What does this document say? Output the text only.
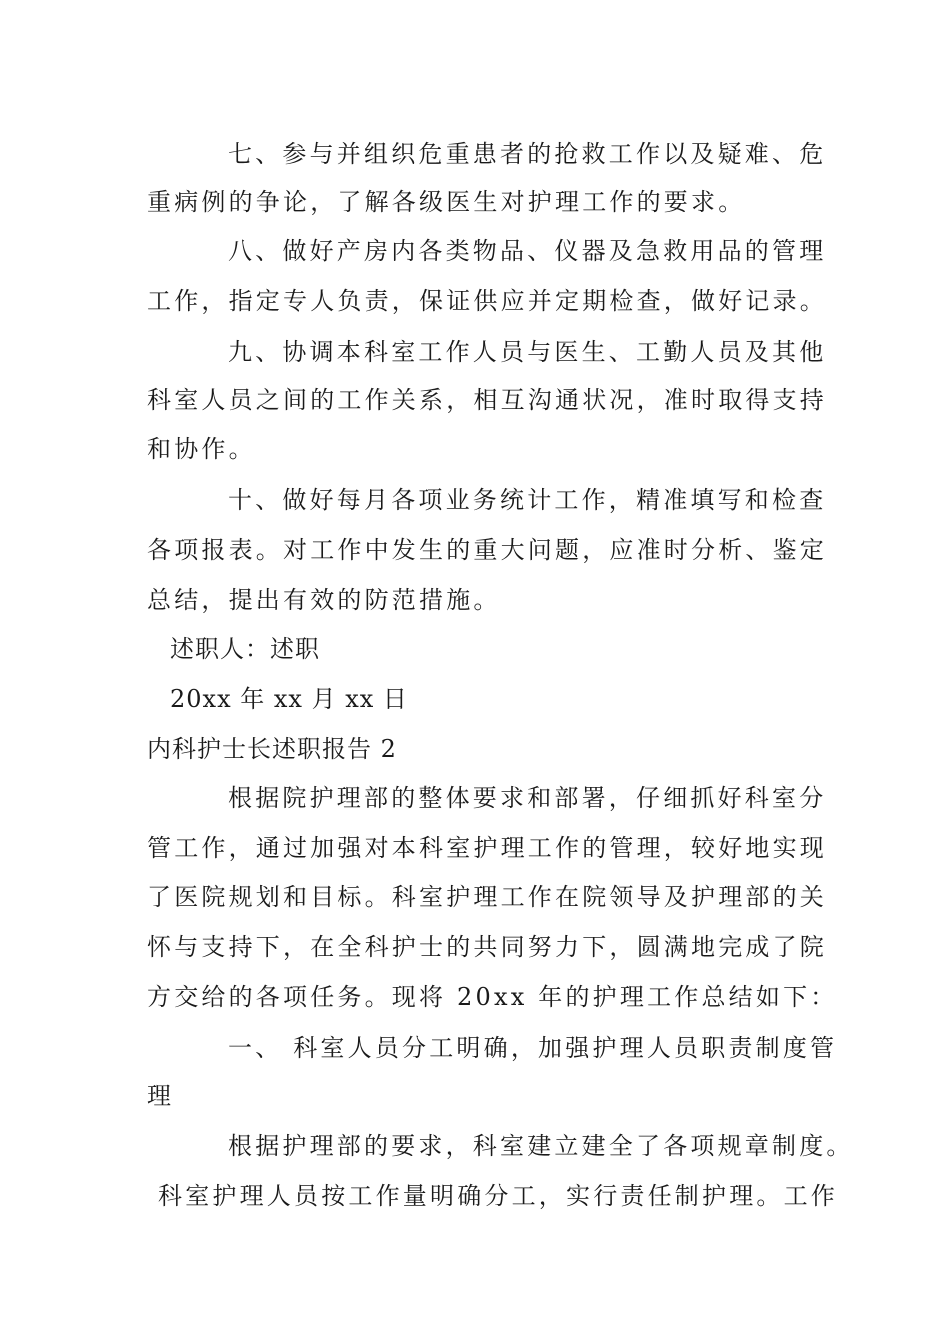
七、参与并组织危重患者的抢救工作以及疑难、危
重病例的争论，了解各级医生对护理工作的要求。
八、做好产房内各类物品、仪器及急救用品的管理
工作，指定专人负责，保证供应并定期检查，做好记录。
九、协调本科室工作人员与医生、工勤人员及其他
科室人员之间的工作关系，相互沟通状况，准时取得支持
和协作。
十、做好每月各项业务统计工作，精准填写和检查
各项报表。对工作中发生的重大问题，应准时分析、鉴定
总结，提出有效的防范措施。
述职人：述职
20xx 年 xx 月 xx 日
内科护士长述职报告 2
根据院护理部的整体要求和部署，仔细抓好科室分
管工作，通过加强对本科室护理工作的管理，较好地实现
了医院规划和目标。科室护理工作在院领导及护理部的关
怀与支持下，在全科护士的共同努力下，圆满地完成了院
方交给的各项任务。现将 20xx 年的护理工作总结如下：
一、 科室人员分工明确，加强护理人员职责制度管
理
根据护理部的要求，科室建立建全了各项规章制度。
科室护理人员按工作量明确分工，实行责任制护理。工作
